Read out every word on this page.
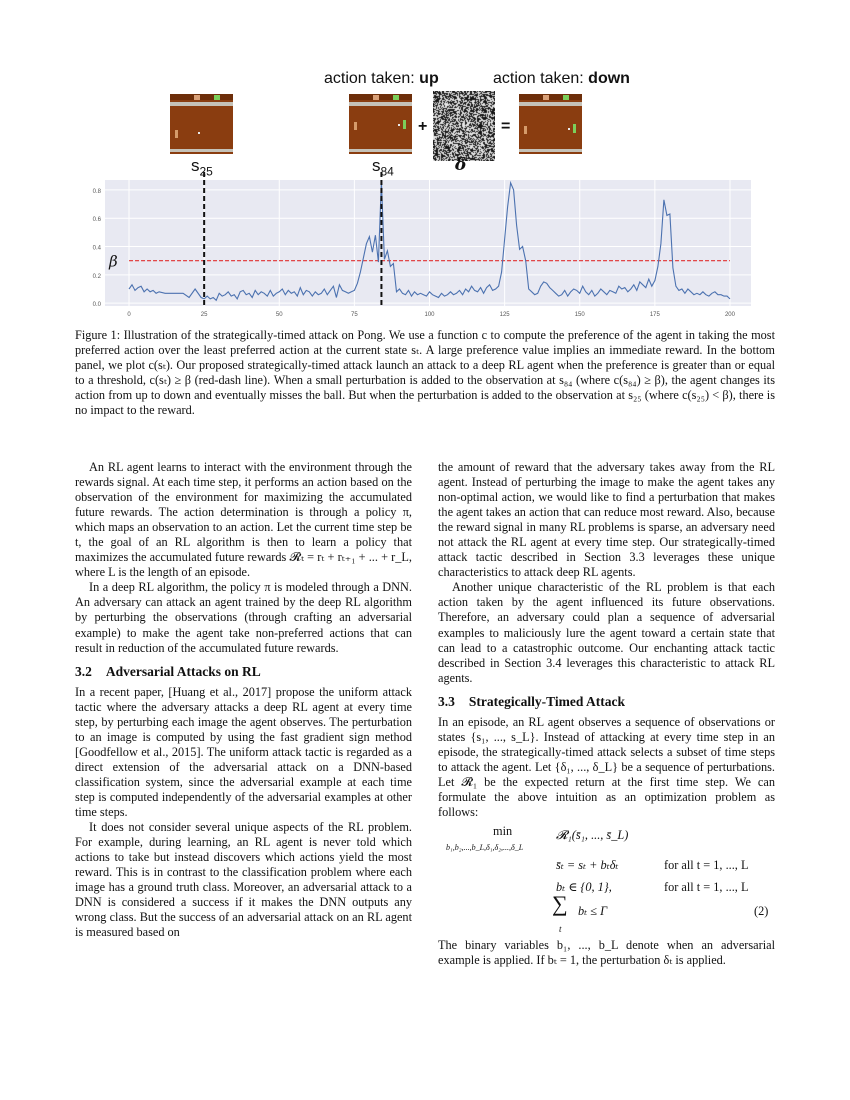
action taken: up	action taken: down
+	=
$s_{25}$	$s_{84}$	δ
0.0
0.2
0.4
0.6
0.8
0	25	50	75	100	125	150	175	200
β
Figure 1: Illustration of the strategically-timed attack on Pong. We use a function c to compute the preference of the agent in taking the most preferred action over the least preferred action at the current state sₜ. A large preference value implies an immediate reward. In the bottom panel, we plot c(sₜ). Our proposed strategically-timed attack launch an attack to a deep RL agent when the preference is greater than or equal to a threshold, c(sₜ) ≥ β (red-dash line). When a small perturbation is added to the observation at s₈₄ (where c(s₈₄) ≥ β), the agent changes its action from up to down and eventually misses the ball. But when the perturbation is added to the observation at s₂₅ (where c(s₂₅) < β), there is no impact to the reward.

An RL agent learns to interact with the environment through the rewards signal. At each time step, it performs an action based on the observation of the environment for maximizing the accumulated future rewards. The action determination is through a policy π, which maps an observation to an action. Let the current time step be t, the goal of an RL algorithm is then to learn a policy that maximizes the accumulated future rewards 𝓡ₜ = rₜ + rₜ₊₁ + ... + r_L, where L is the length of an episode.

In a deep RL algorithm, the policy π is modeled through a DNN. An adversary can attack an agent trained by the deep RL algorithm by perturbing the observations (through crafting an adversarial example) to make the agent take non-preferred actions that can result in reduction of the accumulated future rewards.

3.2 Adversarial Attacks on RL

In a recent paper, [Huang et al., 2017] propose the uniform attack tactic where the adversary attacks a deep RL agent at every time step, by perturbing each image the agent observes. The perturbation to an image is computed by using the fast gradient sign method [Goodfellow et al., 2015]. The uniform attack tactic is regarded as a direct extension of the adversarial attack on a DNN-based classification system, since the adversarial example at each time step is computed independently of the adversarial examples at other time steps.

It does not consider several unique aspects of the RL problem. For example, during learning, an RL agent is never told which actions to take but instead discovers which actions yield the most reward. This is in contrast to the classification problem where each image has a ground truth class. Moreover, an adversarial attack to a DNN is considered a success if it makes the DNN outputs any wrong class. But the success of an adversarial attack on an RL agent is measured based on

the amount of reward that the adversary takes away from the RL agent. Instead of perturbing the image to make the agent takes any non-optimal action, we would like to find a perturbation that makes the agent takes an action that can reduce most reward. Also, because the reward signal in many RL problems is sparse, an adversary need not attack the RL agent at every time step. Our strategically-timed attack tactic described in Section 3.3 leverages these unique characteristics to attack deep RL agents.

Another unique characteristic of the RL problem is that each action taken by the agent influenced its future observations. Therefore, an adversary could plan a sequence of adversarial examples to maliciously lure the agent toward a certain state that can lead to a catastrophic outcome. Our enchanting attack tactic described in Section 3.4 leverages this characteristic to attack RL agents.

3.3 Strategically-Timed Attack

In an episode, an RL agent observes a sequence of observations or states {s₁, ..., s_L}. Instead of attacking at every time step in an episode, the strategically-timed attack selects a subset of time steps to attack the agent. Let {δ₁, ..., δ_L} be a sequence of perturbations. Let 𝓡₁ be the expected return at the first time step. We can formulate the above intuition as an optimization problem as follows:

min
b₁,b₂,...,b_L,δ₁,δ₂,...,δ_L
𝓡₁(s̄₁, ..., s̄_L)
s̄ₜ = sₜ + bₜδₜ	for all t = 1, ..., L
bₜ ∈ {0, 1},	for all t = 1, ..., L
∑
t
bₜ ≤ Γ	(2)

The binary variables b₁, ..., b_L denote when an adversarial example is applied. If bₜ = 1, the perturbation δₜ is applied.
